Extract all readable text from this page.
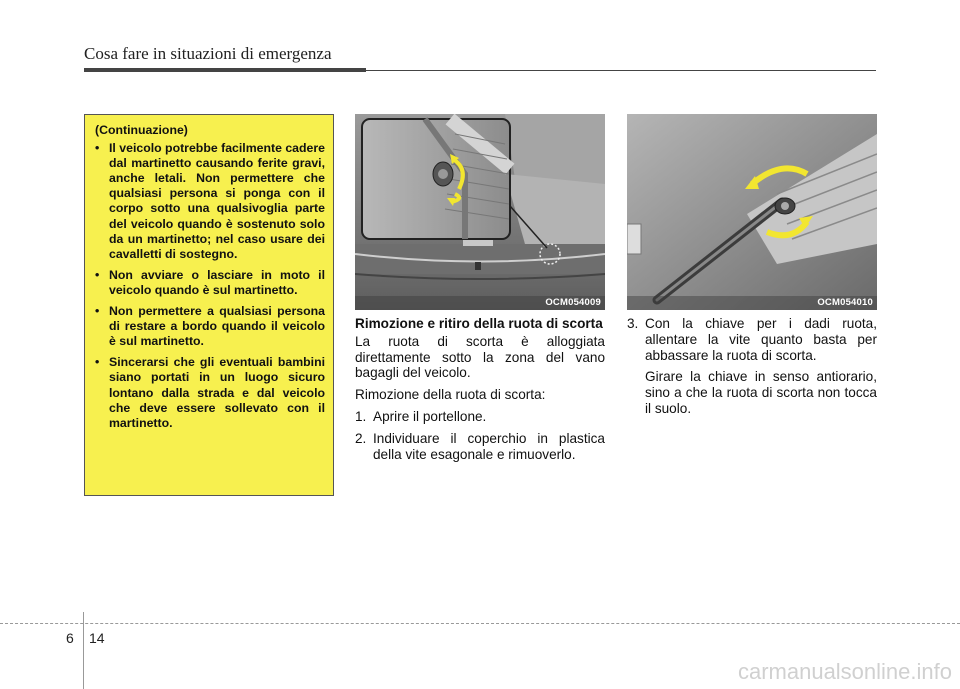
Cosa fare in situazioni di emergenza
(Continuazione)
• Il veicolo potrebbe facilmente cadere dal martinetto causando ferite gravi, anche letali. Non permettere che qualsiasi persona si ponga con il corpo sotto una qualsivoglia parte del veicolo quando è sostenuto solo da un martinetto; nel caso usare dei cavalletti di sostegno.
• Non avviare o lasciare in moto il veicolo quando è sul martinetto.
• Non permettere a qualsiasi persona di restare a bordo quando il veicolo è sul martinetto.
• Sincerarsi che gli eventuali bambini siano portati in un luogo sicuro lontano dalla strada e dal veicolo che deve essere sollevato con il martinetto.
OCM054009	OCM054010

Rimozione e ritiro della ruota di scorta

La ruota di scorta è alloggiata direttamente sotto la zona del vano bagagli del veicolo.

Rimozione della ruota di scorta:

1. Aprire il portellone.
2. Individuare il coperchio in plastica della vite esagonale e rimuoverlo.
3. Con la chiave per i dadi ruota, allentare la vite quanto basta per abbassare la ruota di scorta.

Girare la chiave in senso antiorario, sino a che la ruota di scorta non tocca il suolo.

6 14
carmanualsonline.info
